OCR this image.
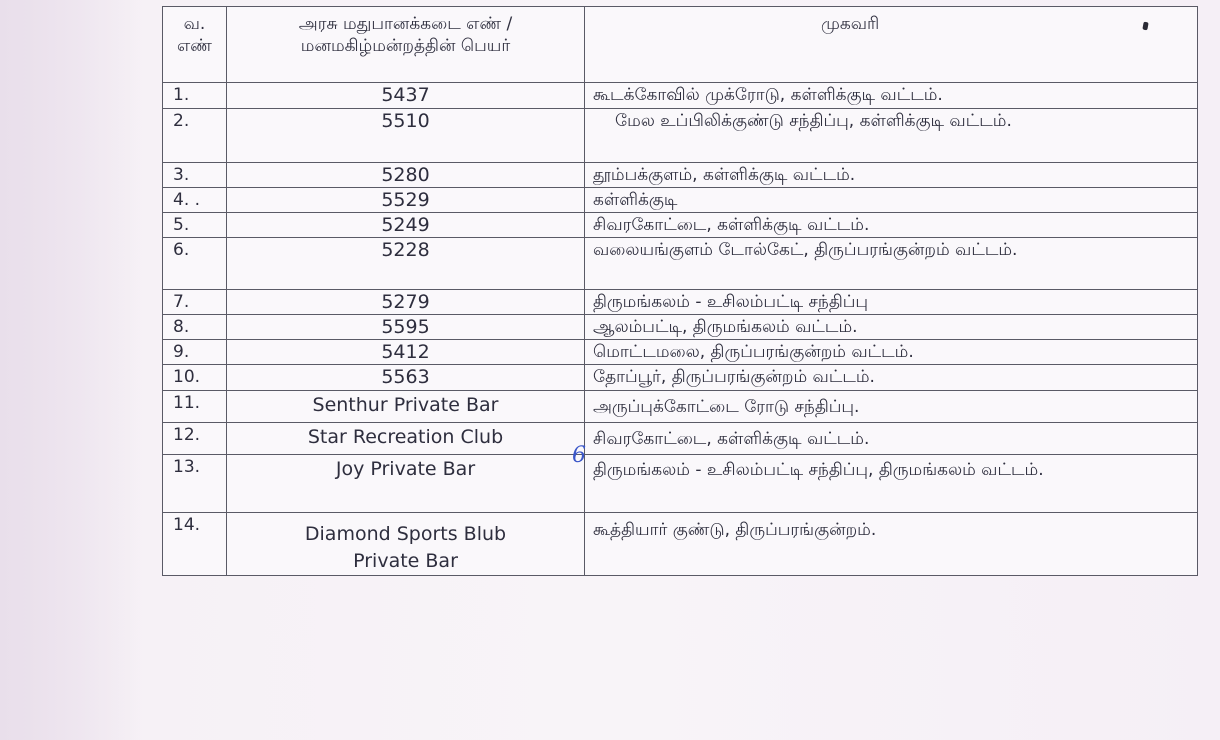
வ. எண்	அரசு மதுபானக்கடை எண் / மனமகிழ்மன்றத்தின் பெயர்	முகவரி
1.	5437	கூடக்கோவில் முக்ரோடு, கள்ளிக்குடி வட்டம்.
2.	5510	மேல உப்பிலிக்குண்டு சந்திப்பு, கள்ளிக்குடி வட்டம்.
3.	5280	தூம்பக்குளம், கள்ளிக்குடி வட்டம்.
4. .	5529	கள்ளிக்குடி
5.	5249	சிவரகோட்டை, கள்ளிக்குடி வட்டம்.
6.	5228	வலையங்குளம் டோல்கேட், திருப்பரங்குன்றம் வட்டம்.
7.	5279	திருமங்கலம் - உசிலம்பட்டி சந்திப்பு
8.	5595	ஆலம்பட்டி, திருமங்கலம் வட்டம்.
9.	5412	மொட்டமலை, திருப்பரங்குன்றம் வட்டம்.
10.	5563	தோப்பூர், திருப்பரங்குன்றம் வட்டம்.
11.	Senthur Private Bar	அருப்புக்கோட்டை ரோடு சந்திப்பு.
12.	Star Recreation Club	சிவரகோட்டை, கள்ளிக்குடி வட்டம்.
13.	Joy Private Bar	திருமங்கலம் - உசிலம்பட்டி சந்திப்பு, திருமங்கலம் வட்டம்.
14.	Diamond Sports Blub Private Bar	கூத்தியார் குண்டு, திருப்பரங்குன்றம்.
6
